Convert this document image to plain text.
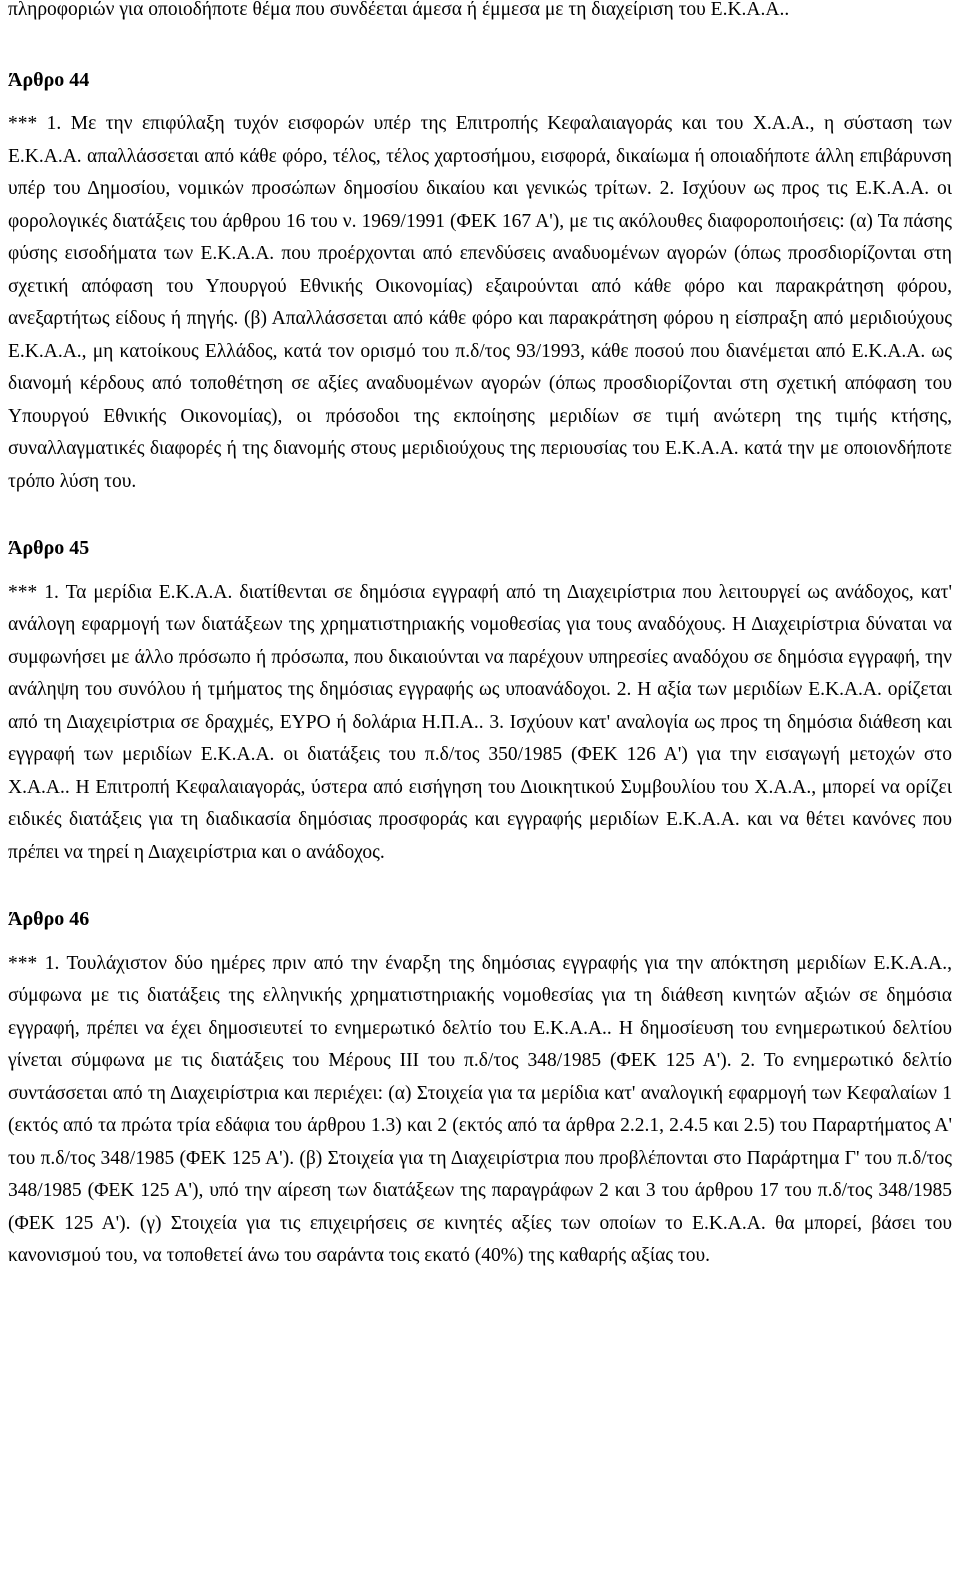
πληροφοριών για οποιοδήποτε θέμα που συνδέεται άμεσα ή έμμεσα με τη διαχείριση του Ε.Κ.Α.Α..

Άρθρο 44

*** 1. Με την επιφύλαξη τυχόν εισφορών υπέρ της Επιτροπής Κεφαλαιαγοράς και του Χ.Α.Α., η σύσταση των Ε.Κ.Α.Α. απαλλάσσεται από κάθε φόρο, τέλος, τέλος χαρτοσήμου, εισφορά, δικαίωμα ή οποιαδήποτε άλλη επιβάρυνση υπέρ του Δημοσίου, νομικών προσώπων δημοσίου δικαίου και γενικώς τρίτων. 2. Ισχύουν ως προς τις Ε.Κ.Α.Α. οι φορολογικές διατάξεις του άρθρου 16 του ν. 1969/1991 (ΦΕΚ 167 Α'), με τις ακόλουθες διαφοροποιήσεις: (α) Τα πάσης φύσης εισοδήματα των Ε.Κ.Α.Α. που προέρχονται από επενδύσεις αναδυομένων αγορών (όπως προσδιορίζονται στη σχετική απόφαση του Υπουργού Εθνικής Οικονομίας) εξαιρούνται από κάθε φόρο και παρακράτηση φόρου, ανεξαρτήτως είδους ή πηγής. (β) Απαλλάσσεται από κάθε φόρο και παρακράτηση φόρου η είσπραξη από μεριδιούχους Ε.Κ.Α.Α., μη κατοίκους Ελλάδος, κατά τον ορισμό του π.δ/τος 93/1993, κάθε ποσού που διανέμεται από Ε.Κ.Α.Α. ως διανομή κέρδους από τοποθέτηση σε αξίες αναδυομένων αγορών (όπως προσδιορίζονται στη σχετική απόφαση του Υπουργού Εθνικής Οικονομίας), οι πρόσοδοι της εκποίησης μεριδίων σε τιμή ανώτερη της τιμής κτήσης, συναλλαγματικές διαφορές ή της διανομής στους μεριδιούχους της περιουσίας του Ε.Κ.Α.Α. κατά την με οποιονδήποτε τρόπο λύση του.

Άρθρο 45

*** 1. Τα μερίδια Ε.Κ.Α.Α. διατίθενται σε δημόσια εγγραφή από τη Διαχειρίστρια που λειτουργεί ως ανάδοχος, κατ' ανάλογη εφαρμογή των διατάξεων της χρηματιστηριακής νομοθεσίας για τους αναδόχους. Η Διαχειρίστρια δύναται να συμφωνήσει με άλλο πρόσωπο ή πρόσωπα, που δικαιούνται να παρέχουν υπηρεσίες αναδόχου σε δημόσια εγγραφή, την ανάληψη του συνόλου ή τμήματος της δημόσιας εγγραφής ως υποανάδοχοι. 2. Η αξία των μεριδίων Ε.Κ.Α.Α. ορίζεται από τη Διαχειρίστρια σε δραχμές, ΕΥΡΟ ή δολάρια Η.Π.Α.. 3. Ισχύουν κατ' αναλογία ως προς τη δημόσια διάθεση και εγγραφή των μεριδίων Ε.Κ.Α.Α. οι διατάξεις του π.δ/τος 350/1985 (ΦΕΚ 126 Α') για την εισαγωγή μετοχών στο Χ.Α.Α.. Η Επιτροπή Κεφαλαιαγοράς, ύστερα από εισήγηση του Διοικητικού Συμβουλίου του Χ.Α.Α., μπορεί να ορίζει ειδικές διατάξεις για τη διαδικασία δημόσιας προσφοράς και εγγραφής μεριδίων Ε.Κ.Α.Α. και να θέτει κανόνες που πρέπει να τηρεί η Διαχειρίστρια και ο ανάδοχος.

Άρθρο 46

*** 1. Τουλάχιστον δύο ημέρες πριν από την έναρξη της δημόσιας εγγραφής για την απόκτηση μεριδίων Ε.Κ.Α.Α., σύμφωνα με τις διατάξεις της ελληνικής χρηματιστηριακής νομοθεσίας για τη διάθεση κινητών αξιών σε δημόσια εγγραφή, πρέπει να έχει δημοσιευτεί το ενημερωτικό δελτίο του Ε.Κ.Α.Α.. Η δημοσίευση του ενημερωτικού δελτίου γίνεται σύμφωνα με τις διατάξεις του Μέρους ΙΙΙ του π.δ/τος 348/1985 (ΦΕΚ 125 Α'). 2. Το ενημερωτικό δελτίο συντάσσεται από τη Διαχειρίστρια και περιέχει: (α) Στοιχεία για τα μερίδια κατ' αναλογική εφαρμογή των Κεφαλαίων 1 (εκτός από τα πρώτα τρία εδάφια του άρθρου 1.3) και 2 (εκτός από τα άρθρα 2.2.1, 2.4.5 και 2.5) του Παραρτήματος Α' του π.δ/τος 348/1985 (ΦΕΚ 125 Α'). (β) Στοιχεία για τη Διαχειρίστρια που προβλέπονται στο Παράρτημα Γ' του π.δ/τος 348/1985 (ΦΕΚ 125 Α'), υπό την αίρεση των διατάξεων της παραγράφων 2 και 3 του άρθρου 17 του π.δ/τος 348/1985 (ΦΕΚ 125 Α'). (γ) Στοιχεία για τις επιχειρήσεις σε κινητές αξίες των οποίων το Ε.Κ.Α.Α. θα μπορεί, βάσει του κανονισμού του, να τοποθετεί άνω του σαράντα τοις εκατό (40%) της καθαρής αξίας του.
